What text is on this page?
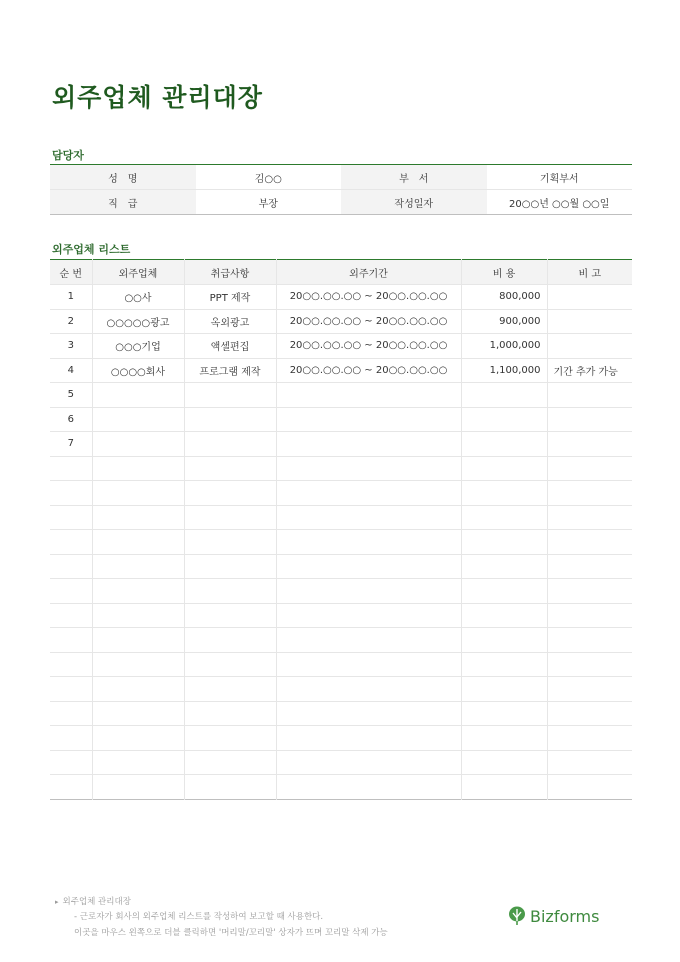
외주업체 관리대장
담당자
성　명	김○○	부　서	기획부서
직　급	부장	작성일자	20○○년 ○○월 ○○일
외주업체 리스트
순 번	외주업체	취급사항	외주기간	비 용	비 고
1	○○사	PPT 제작	20○○.○○.○○ ~ 20○○.○○.○○	800,000	
2	○○○○○광고	옥외광고	20○○.○○.○○ ~ 20○○.○○.○○	900,000	
3	○○○기업	액셀편집	20○○.○○.○○ ~ 20○○.○○.○○	1,000,000	
4	○○○○회사	프로그램 제작	20○○.○○.○○ ~ 20○○.○○.○○	1,100,000	기간 추가 가능
5					
6					
7					

▸ 외주업체 관리대장
- 근로자가 회사의 외주업체 리스트를 작성하여 보고할 때 사용한다.
이곳을 마우스 왼쪽으로 더블 클릭하면 '머리말/꼬리말' 상자가 뜨며 꼬리말 삭제 가능
Bizforms
